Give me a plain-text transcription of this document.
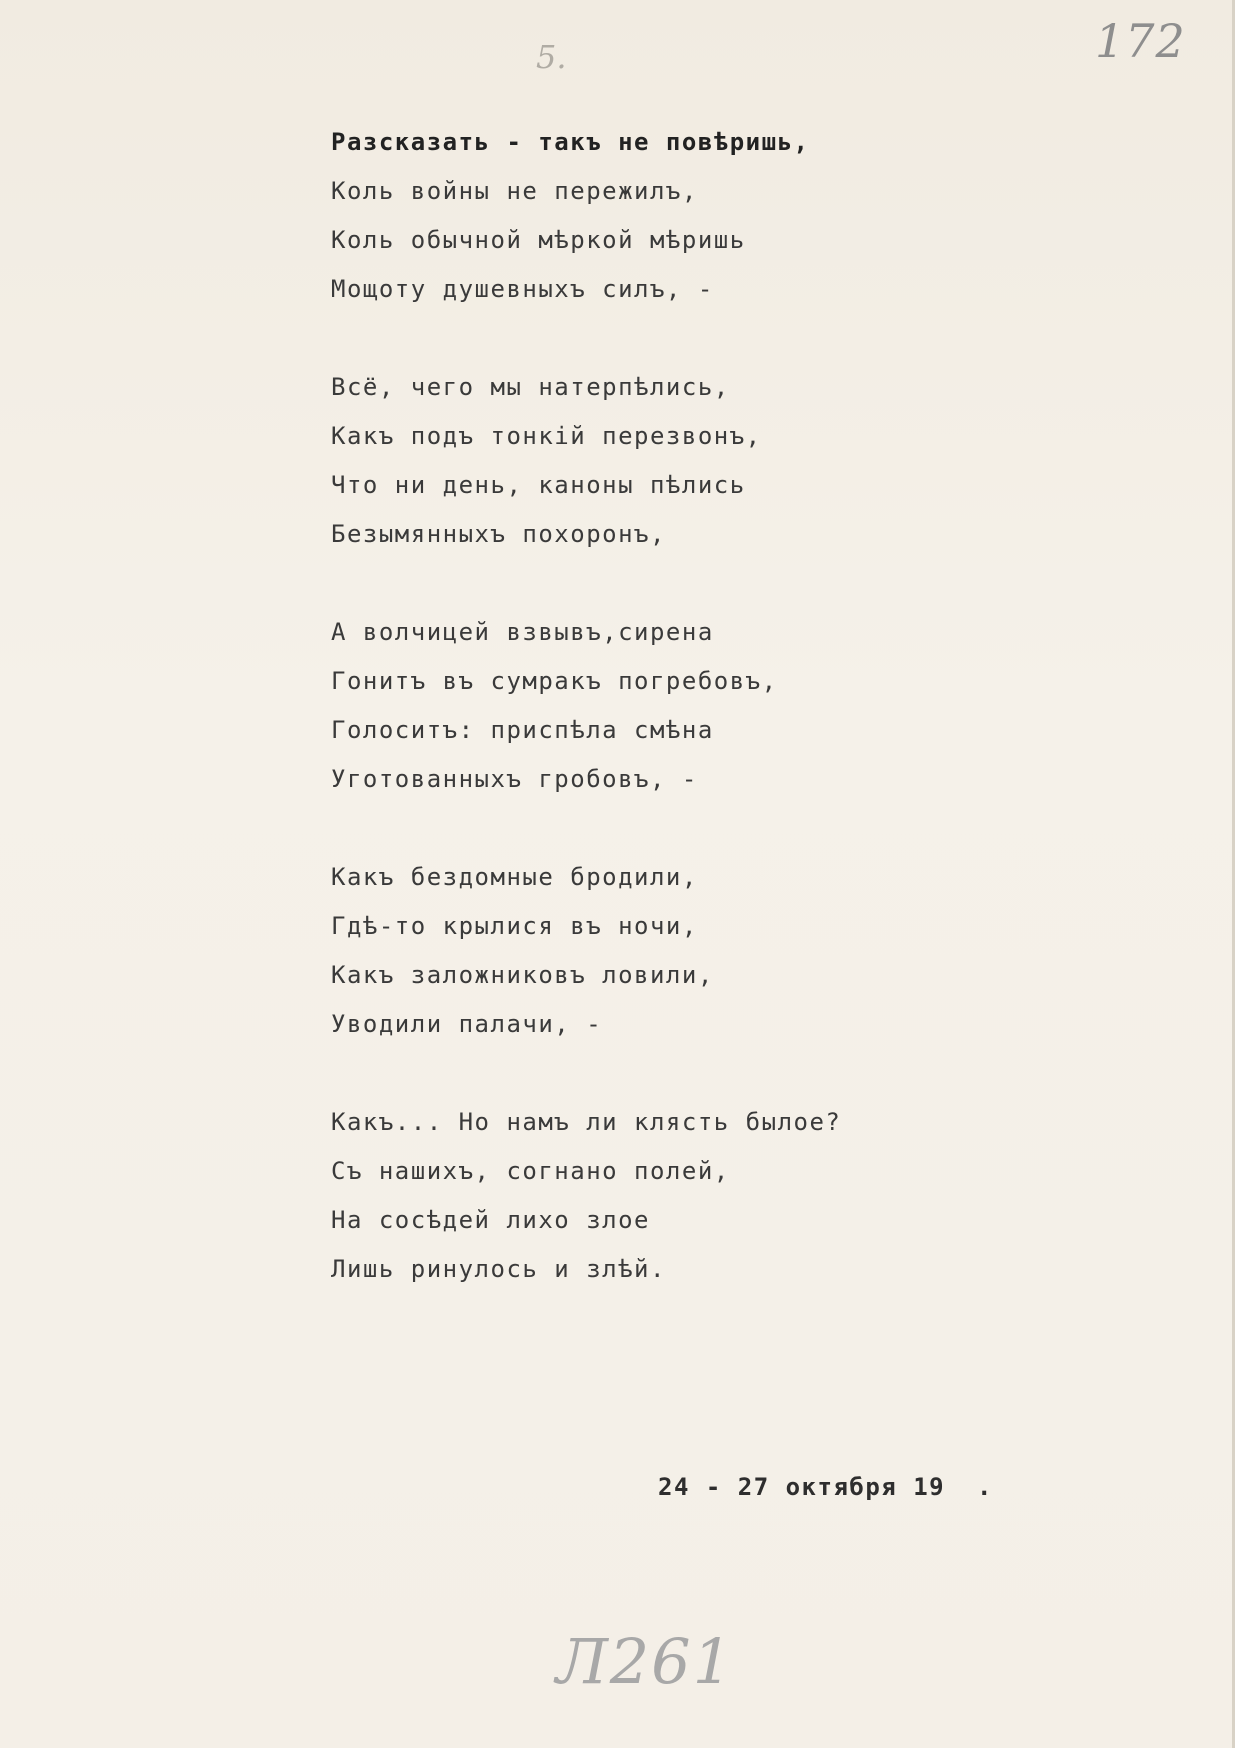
5.	172
Разсказать - такъ не повѣришь,
Коль войны не пережилъ,
Коль обычной мѣркой мѣришь
Мощоту душевныхъ силъ, -
Всё, чего мы натерпѣлись,
Какъ подъ тонкій перезвонъ,
Что ни день, каноны пѣлись
Безымянныхъ похоронъ,
А волчицей взвывъ,сирена
Гонитъ въ сумракъ погребовъ,
Голоситъ: приспѣла смѣна
Уготованныхъ гробовъ, -
Какъ бездомные бродили,
Гдѣ-то крылися въ ночи,
Какъ заложниковъ ловили,
Уводили палачи, -
Какъ... Но намъ ли клясть былое?
Съ нашихъ, согнано полей,
На сосѣдей лихо злое
Лишь ринулось и злѣй.
24 - 27 октября 19  .
Л261
